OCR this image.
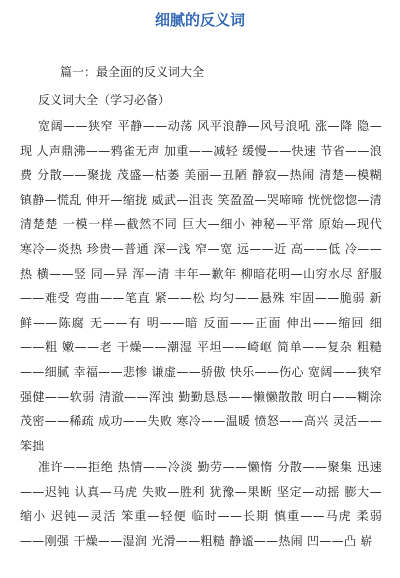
细腻的反义词
篇一：最全面的反义词大全
反义词大全（学习必备）
宽阔——狭窄 平静——动荡 风平浪静—风号浪吼 涨—降 隐—现 人声鼎沸——鸦雀无声 加重——减轻 缓慢——快速 节省——浪费 分散——聚拢 茂盛—枯萎 美丽—丑陋 静寂—热闹 清楚—模糊 镇静—慌乱 伸开—缩拢 威武—沮丧 笑盈盈—哭啼啼 恍恍惚惚—清清楚楚 一模一样—截然不同 巨大—细小 神秘—平常 原始—现代 寒冷—炎热 珍贵—普通 深—浅 窄—宽 远——近 高——低 冷——热 横——竖 同—异 浑—清 丰年—歉年 柳暗花明—山穷水尽 舒服——难受 弯曲——笔直 紧——松 均匀——悬殊 牢固——脆弱 新鲜——陈腐 无——有 明——暗 反面——正面 伸出——缩回 细——粗 嫩——老 干燥——潮湿 平坦——崎岖 简单——复杂 粗糙——细腻 幸福——悲惨 谦虚——骄傲 快乐——伤心 宽阔——狭窄 强健——软弱 清澈——浑浊 勤勤恳恳——懒懒散散 明白——糊涂 茂密——稀疏 成功——失败 寒冷——温暖 愤怒——高兴 灵活——笨拙
准许——拒绝 热情——冷淡 勤劳——懒惰 分散——聚集 迅速——迟钝 认真—马虎 失败—胜利 犹豫—果断 坚定—动摇 膨大—缩小 迟钝—灵活 笨重—轻便 临时——长期 慎重——马虎 柔弱——刚强 干燥——湿润 光滑——粗糙 静谧——热闹 凹——凸 崭
